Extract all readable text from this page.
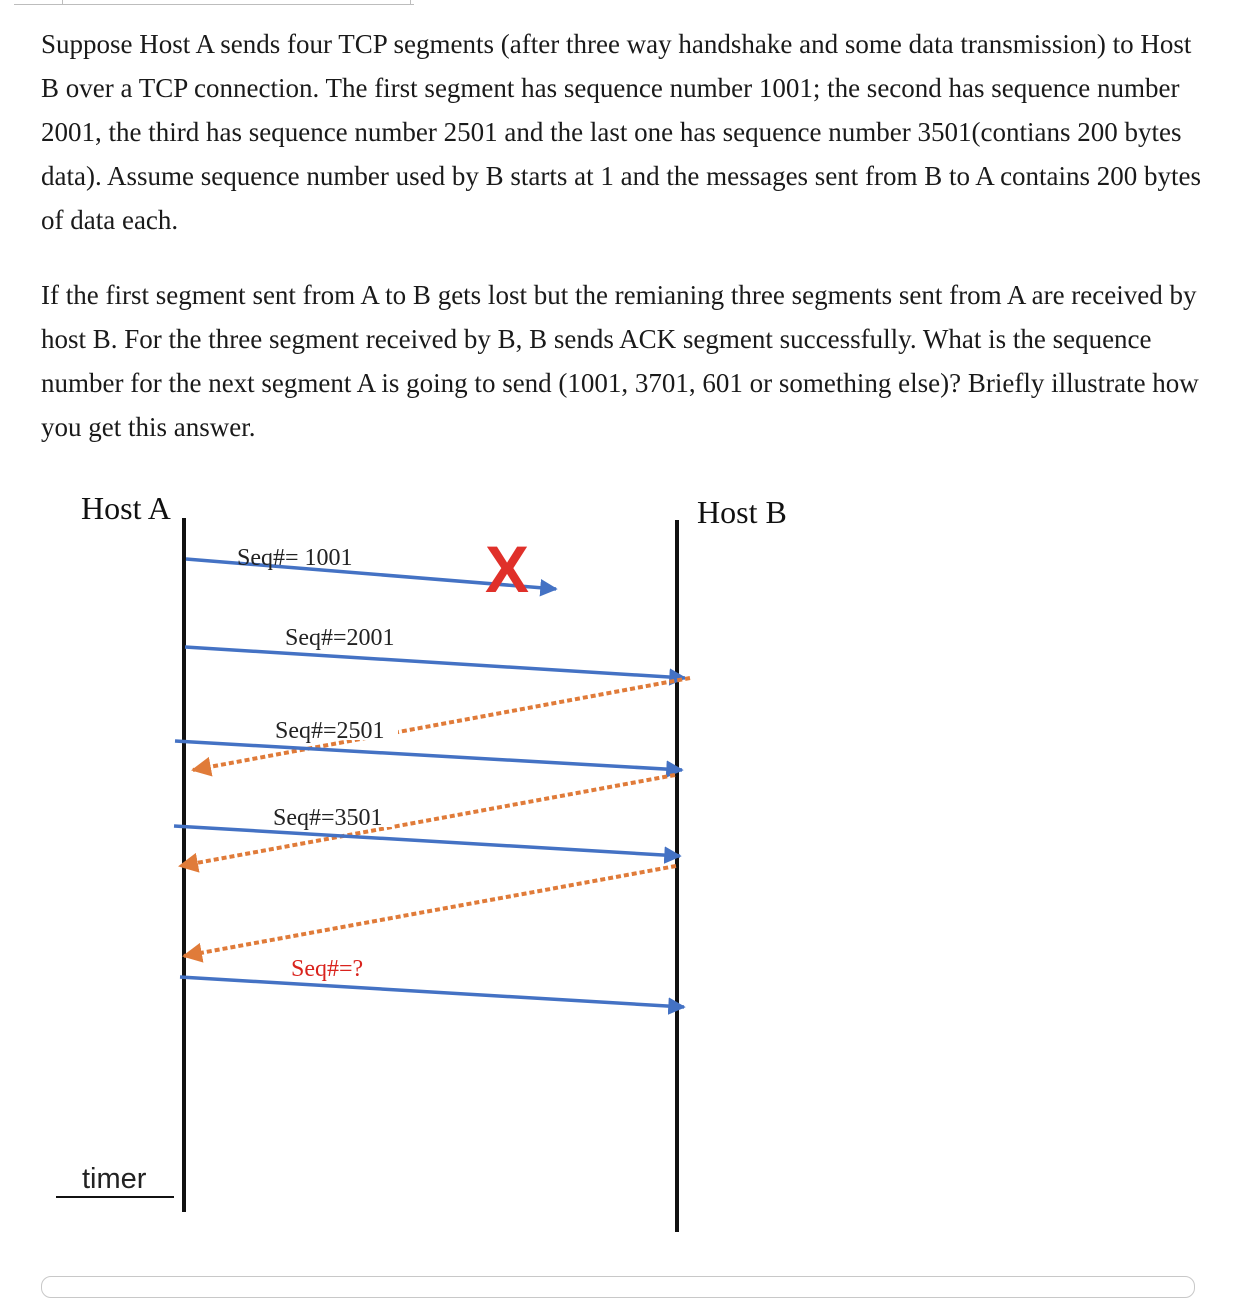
Suppose Host A sends four TCP segments (after three way handshake and some data transmission) to Host B over a TCP connection. The first segment has sequence number 1001; the second has sequence number 2001, the third has sequence number 2501 and the last one has sequence number 3501(contians 200 bytes data). Assume sequence number used by B starts at 1 and the messages sent from B to A contains 200 bytes of data each.

If the first segment sent from A to B gets lost but the remianing three segments sent from A are received by host B. For the three segment received by B, B sends ACK segment successfully. What is the sequence number for the next segment A is going to send (1001, 3701, 601 or something else)? Briefly illustrate how you get this answer.

Host A	Host B
Seq#= 1001 X
Seq#=2001
Seq#=2501
Seq#=3501
Seq#=?
timer
